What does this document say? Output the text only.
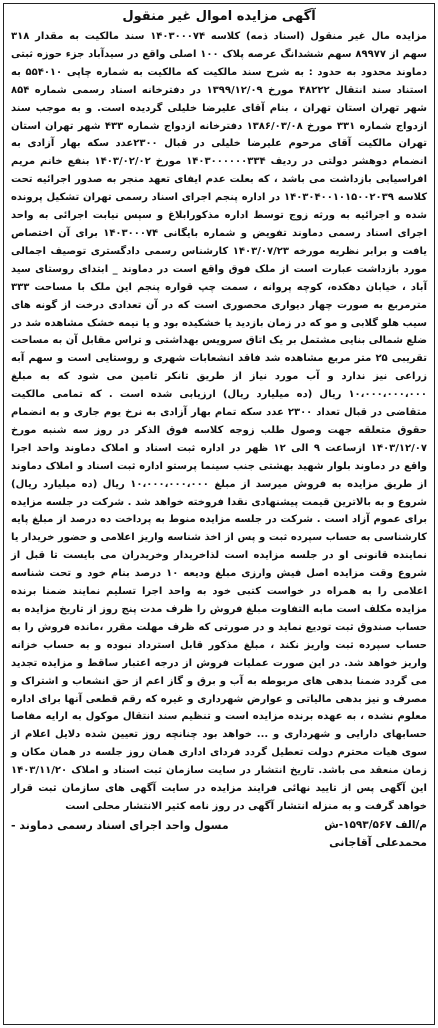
آگهی مزایده اموال غیر منقول

مزایده مال غیر منقول (اسناد ذمه) کلاسه ۱۴۰۳۰۰۰۷۴ سند مالکیت به مقدار ۳۱۸ سهم از ۸۹۹۷۷ سهم ششدانگ عرصه پلاک ۱۰۰ اصلی واقع در سیدآباد جزء حوزه ثبتی دماوند محدود به حدود : به شرح سند مالکیت که مالکیت به شماره چاپی ۵۵۴۰۱۰ به استناد سند انتقال ۴۸۲۲۲ مورخ ۱۳۹۹/۱۲/۰۹ در دفترخانه اسناد رسمی شماره ۸۵۴ شهر تهران استان تهران ، بنام آقای علیرضا خلیلی گردیده است. و به موجب سند ازدواج شماره ۳۳۱ مورخ ۱۳۸۶/۰۳/۰۸ دفترخانه ازدواج شماره ۴۳۳ شهر تهران استان تهران مالکیت آقای مرحوم علیرضا خلیلی در قبال ۲۳۰۰عدد سکه بهار آزادی به انضمام دوهشر دولتی در ردیف ۱۴۰۳۰۰۰۰۰۰۳۳۴ مورخ ۱۴۰۳/۰۲/۰۲ بنفع خانم مریم افراسیابی بازداشت می باشد ، که بعلت عدم ایفای تعهد منجر به صدور اجرائیه تحت کلاسه ۱۴۰۳۰۴۰۰۱۰۱۵۰۰۲۰۳۹ در اداره پنجم اجرای اسناد رسمی تهران تشکیل پرونده شده و اجرائیه به ورثه زوج توسط اداره مذکورابلاغ و سپس نیابت اجرائی به واحد اجرای اسناد رسمی دماوند تفویض و شماره بایگانی ۱۴۰۳۰۰۰۷۴ برای آن اختصاص یافت و برابر نظریه مورخه ۱۴۰۳/۰۷/۲۳ کارشناس رسمی دادگستری توصیف اجمالی مورد بازداشت عبارت است از ملک فوق واقع است در دماوند _ ابتدای روستای سید آباد ، خیابان دهکده، کوچه پروانه ، سمت چپ قواره پنجم این ملک با مساحت ۳۳۳ مترمربع به صورت چهار دیواری محصوری است که در آن تعدادی درخت از گونه های سیب هلو گلابی و مو که در زمان بازدید یا خشکیده بود و یا نیمه خشک مشاهده شد در ضلع شمالی بنایی مشتمل بر یک اتاق سرویس بهداشتی و تراس مقابل آن به مساحت تقریبی ۲۵ متر مربع مشاهده شد فاقد انشعابات شهری و روستایی است و سهم آبه زراعی نیز ندارد و آب مورد نیاز از طریق تانکر تامین می شود که به مبلغ ۱۰،۰۰۰،۰۰۰،۰۰۰ ریال (ده میلیارد ریال) ارزیابی شده است . که تمامی مالکیت متقاضی در قبال تعداد ۲۳۰۰ عدد سکه تمام بهار آزادی به نرخ یوم جاری و به انضمام حقوق متعلقه جهت وصول طلب زوجه کلاسه فوق الذکر در روز سه شنبه مورخ ۱۴۰۳/۱۲/۰۷ ازساعت ۹ الی ۱۲ ظهر در اداره ثبت اسناد و املاک دماوند واحد اجرا واقع در دماوند بلوار شهید بهشتی جنب سینما پرستو اداره ثبت اسناد و املاک دماوند از طریق مزایده به فروش میرسد از مبلغ ۱۰،۰۰۰،۰۰۰،۰۰۰ ریال (ده میلیارد ریال) شروع و به بالاترین قیمت پیشنهادی نقدا فروخته خواهد شد . شرکت در جلسه مزایده برای عموم آزاد است . شرکت در جلسه مزایده منوط به پرداخت ده درصد از مبلغ پایه کارشناسی به حساب سپرده ثبت و پس از اخذ شناسه واریز اعلامی و حضور خریدار یا نماینده قانونی او در جلسه مزایده است لذاخریدار وخریدران می بایست تا قبل از شروع وقت مزایده اصل فیش وارزی مبلغ ودیعه ۱۰ درصد بنام خود و تحت شناسه اعلامی را به همراه در خواست کتبی خود به واحد اجرا تسلیم نمایند ضمنا برنده مزایده مکلف است مابه التفاوت مبلغ فروش را ظرف مدت پنج روز از تاریخ مزایده به حساب صندوق ثبت تودیع نماید و در صورتی که ظرف مهلت مقرر ،مانده فروش را به حساب سپرده ثبت واریز نکند ، مبلغ مذکور قابل استرداد نبوده و به حساب خزانه واریز خواهد شد. در این صورت عملیات فروش از درجه اعتبار ساقط و مزایده تجدید می گردد ضمنا بدهی های مربوطه به آب و برق و گاز اعم از حق انشعاب و اشتراک و مصرف و نیز بدهی مالیاتی و عوارض شهرداری و غیره که رقم قطعی آنها برای اداره معلوم نشده ، به عهده برنده مزایده است و تنظیم سند انتقال موکول به ارایه مفاصا حسابهای دارایی و شهرداری و ... خواهد بود چنانچه روز تعیین شده دلایل اعلام از سوی هیات محترم دولت تعطیل گردد فردای اداری همان روز جلسه در همان مکان و زمان منعقد می باشد. تاریخ انتشار در سایت سازمان ثبت اسناد و املاک ۱۴۰۳/۱۱/۲۰ این آگهی پس از تایید نهائی فرایند مزایده در سایت آگهی های سازمان ثبت قرار خواهد گرفت و به منزله انتشار آگهی در روز نامه کثیر الانتشار محلی است

م/الف ۱۵۹۳/۵۶۷-ش
مسول واحد اجرای اسناد رسمی دماوند -
محمدعلی آقاجانی
